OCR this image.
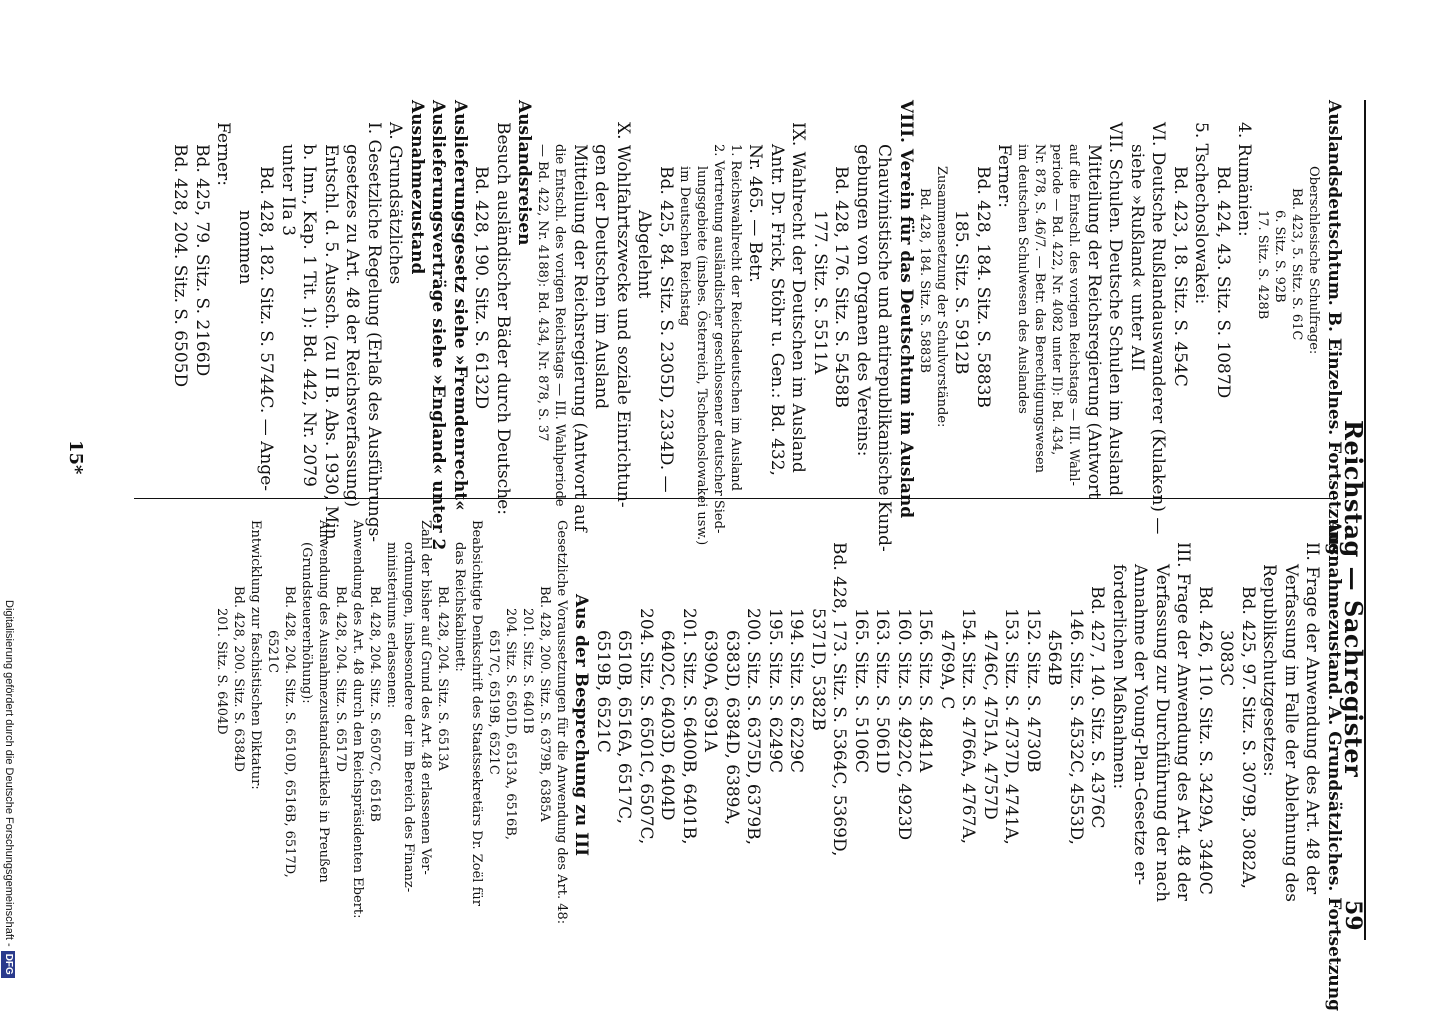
Reichstag — Sachregister
59
Auslandsdeutschtum. B. Einzelnes. Fortsetzung
Oberschlesische Schulfrage:
Bd. 423, 5. Sitz. S. 61C
6. Sitz. S. 92B
17. Sitz. S. 428B
4. Rumänien:
Bd. 424, 43. Sitz. S. 1087D
5. Tschechoslowakei:
Bd. 423, 18. Sitz. S. 454C
VI. Deutsche Rußlandauswanderer (Kulaken) —
siehe »Rußland« unter AII
VII. Schulen. Deutsche Schulen im Ausland
Mitteilung der Reichsregierung (Antwort
auf die Entschl. des vorigen Reichstags — III. Wahl-
periode — Bd. 422, Nr. 4082 unter II): Bd. 434,
Nr. 878, S. 46/7. — Betr. das Berechtigungswesen
im deutschen Schulwesen des Auslandes
Ferner:
Bd. 428, 184. Sitz. S. 5883B
185. Sitz. S. 5912B
Zusammensetzung der Schulvorstände:
Bd. 428, 184. Sitz. S. 5883B
VIII. Verein für das Deutschtum im Ausland
Chauvinistische und antirepublikanische Kund-
gebungen von Organen des Vereins:
Bd. 428, 176. Sitz. S. 5458B
177. Sitz. S. 5511A
IX. Wahlrecht der Deutschen im Ausland
Antr. Dr. Frick, Stöhr u. Gen.: Bd. 432,
Nr. 465. — Betr.
1. Reichswahlrecht der Reichsdeutschen im Ausland
2. Vertretung ausländischer geschlossener deutscher Sied-
lungsgebiete (insbes. Österreich, Tschechoslowakei usw.)
im Deutschen Reichstag
Bd. 425, 84. Sitz. S. 2305D, 2334D. —
Abgelehnt
X. Wohlfahrtszwecke und soziale Einrichtun-
gen der Deutschen im Ausland
Mitteilung der Reichsregierung (Antwort auf
die Entschl. des vorigen Reichstags — III. Wahlperiode
— Bd. 422, Nr. 4188): Bd. 434, Nr. 878, S. 37
Auslandsreisen
Besuch ausländischer Bäder durch Deutsche:
Bd. 428, 190. Sitz. S. 6132D
Auslieferungsgesetz siehe »Fremdenrecht«
Auslieferungsverträge siehe »England« unter 2
Ausnahmezustand
A. Grundsätzliches
I. Gesetzliche Regelung (Erlaß des Ausführungs-
gesetzes zu Art. 48 der Reichsverfassung)
Entschl. d. 5. Aussch. (zu II B. Abs. 1930, Min.
b. Inn., Kap. 1 Tit. 1): Bd. 442, Nr. 2079
unter IIa 3
Bd. 428, 182. Sitz. S. 5744C. — Ange-
nommen
Ferner:
Bd. 425, 79. Sitz. S. 2166D
Bd. 428, 204. Sitz. S. 6505D
Ausnahmezustand. A. Grundsätzliches. Fortsetzung
II. Frage der Anwendung des Art. 48 der
Verfassung im Falle der Ablehnung des
Republikschutzgesetzes:
Bd. 425, 97. Sitz. S. 3079B, 3082A,
3083C
Bd. 426, 110. Sitz. S. 3429A, 3440C
III. Frage der Anwendung des Art. 48 der
Verfassung zur Durchführung der nach
Annahme der Young-Plan-Gesetze er-
forderlichen Maßnahmen:
Bd. 427, 140. Sitz. S. 4376C
146. Sitz. S. 4532C, 4553D,
4564B
152. Sitz. S. 4730B
153. Sitz. S. 4737D, 4741A,
4746C, 4751A, 4757D
154. Sitz. S. 4766A, 4767A,
4769A, C
156. Sitz. S. 4841A
160. Sitz. S. 4922C, 4923D
163. Sitz. S. 5061D
165. Sitz. S. 5106C
Bd. 428, 173. Sitz. S. 5364C, 5369D,
5371D, 5382B
194. Sitz. S. 6229C
195. Sitz. S. 6249C
200. Sitz. S. 6375D, 6379B,
6383D, 6384D, 6389A,
6390A, 6391A
201. Sitz. S. 6400B, 6401B,
6402C, 6403D, 6404D
204. Sitz. S. 6501C, 6507C,
6510B, 6516A, 6517C,
6519B, 6521C
Aus der Besprechung zu III
Gesetzliche Voraussetzungen für die Anwendung des Art. 48:
Bd. 428, 200. Sitz. S. 6379B, 6385A
201. Sitz. S. 6401B
204. Sitz. S. 6501D, 6513A, 6516B,
6517C, 6519B, 6521C
Beabsichtigte Denkschrift des Staatssekretärs Dr. Zoël für
das Reichskabinett:
Bd. 428, 204. Sitz. S. 6513A
Zahl der bisher auf Grund des Art. 48 erlassenen Ver-
ordnungen, insbesondere der im Bereich des Finanz-
ministeriums erlassenen:
Bd. 428, 204. Sitz. S. 6507C, 6516B
Anwendung des Art. 48 durch den Reichspräsidenten Ebert:
Bd. 428, 204. Sitz. S. 6517D
Anwendung des Ausnahmezustandsartikels in Preußen
(Grundsteuererhöhung):
Bd. 428, 204. Sitz. S. 6510D, 6516B, 6517D,
6521C
Entwicklung zur faschistischen Diktatur:
Bd. 428, 200. Sitz. S. 6384D
201. Sitz. S. 6404D
15*
Digitalisierung gefördert durch die Deutsche Forschungsgemeinschaft -DFG
